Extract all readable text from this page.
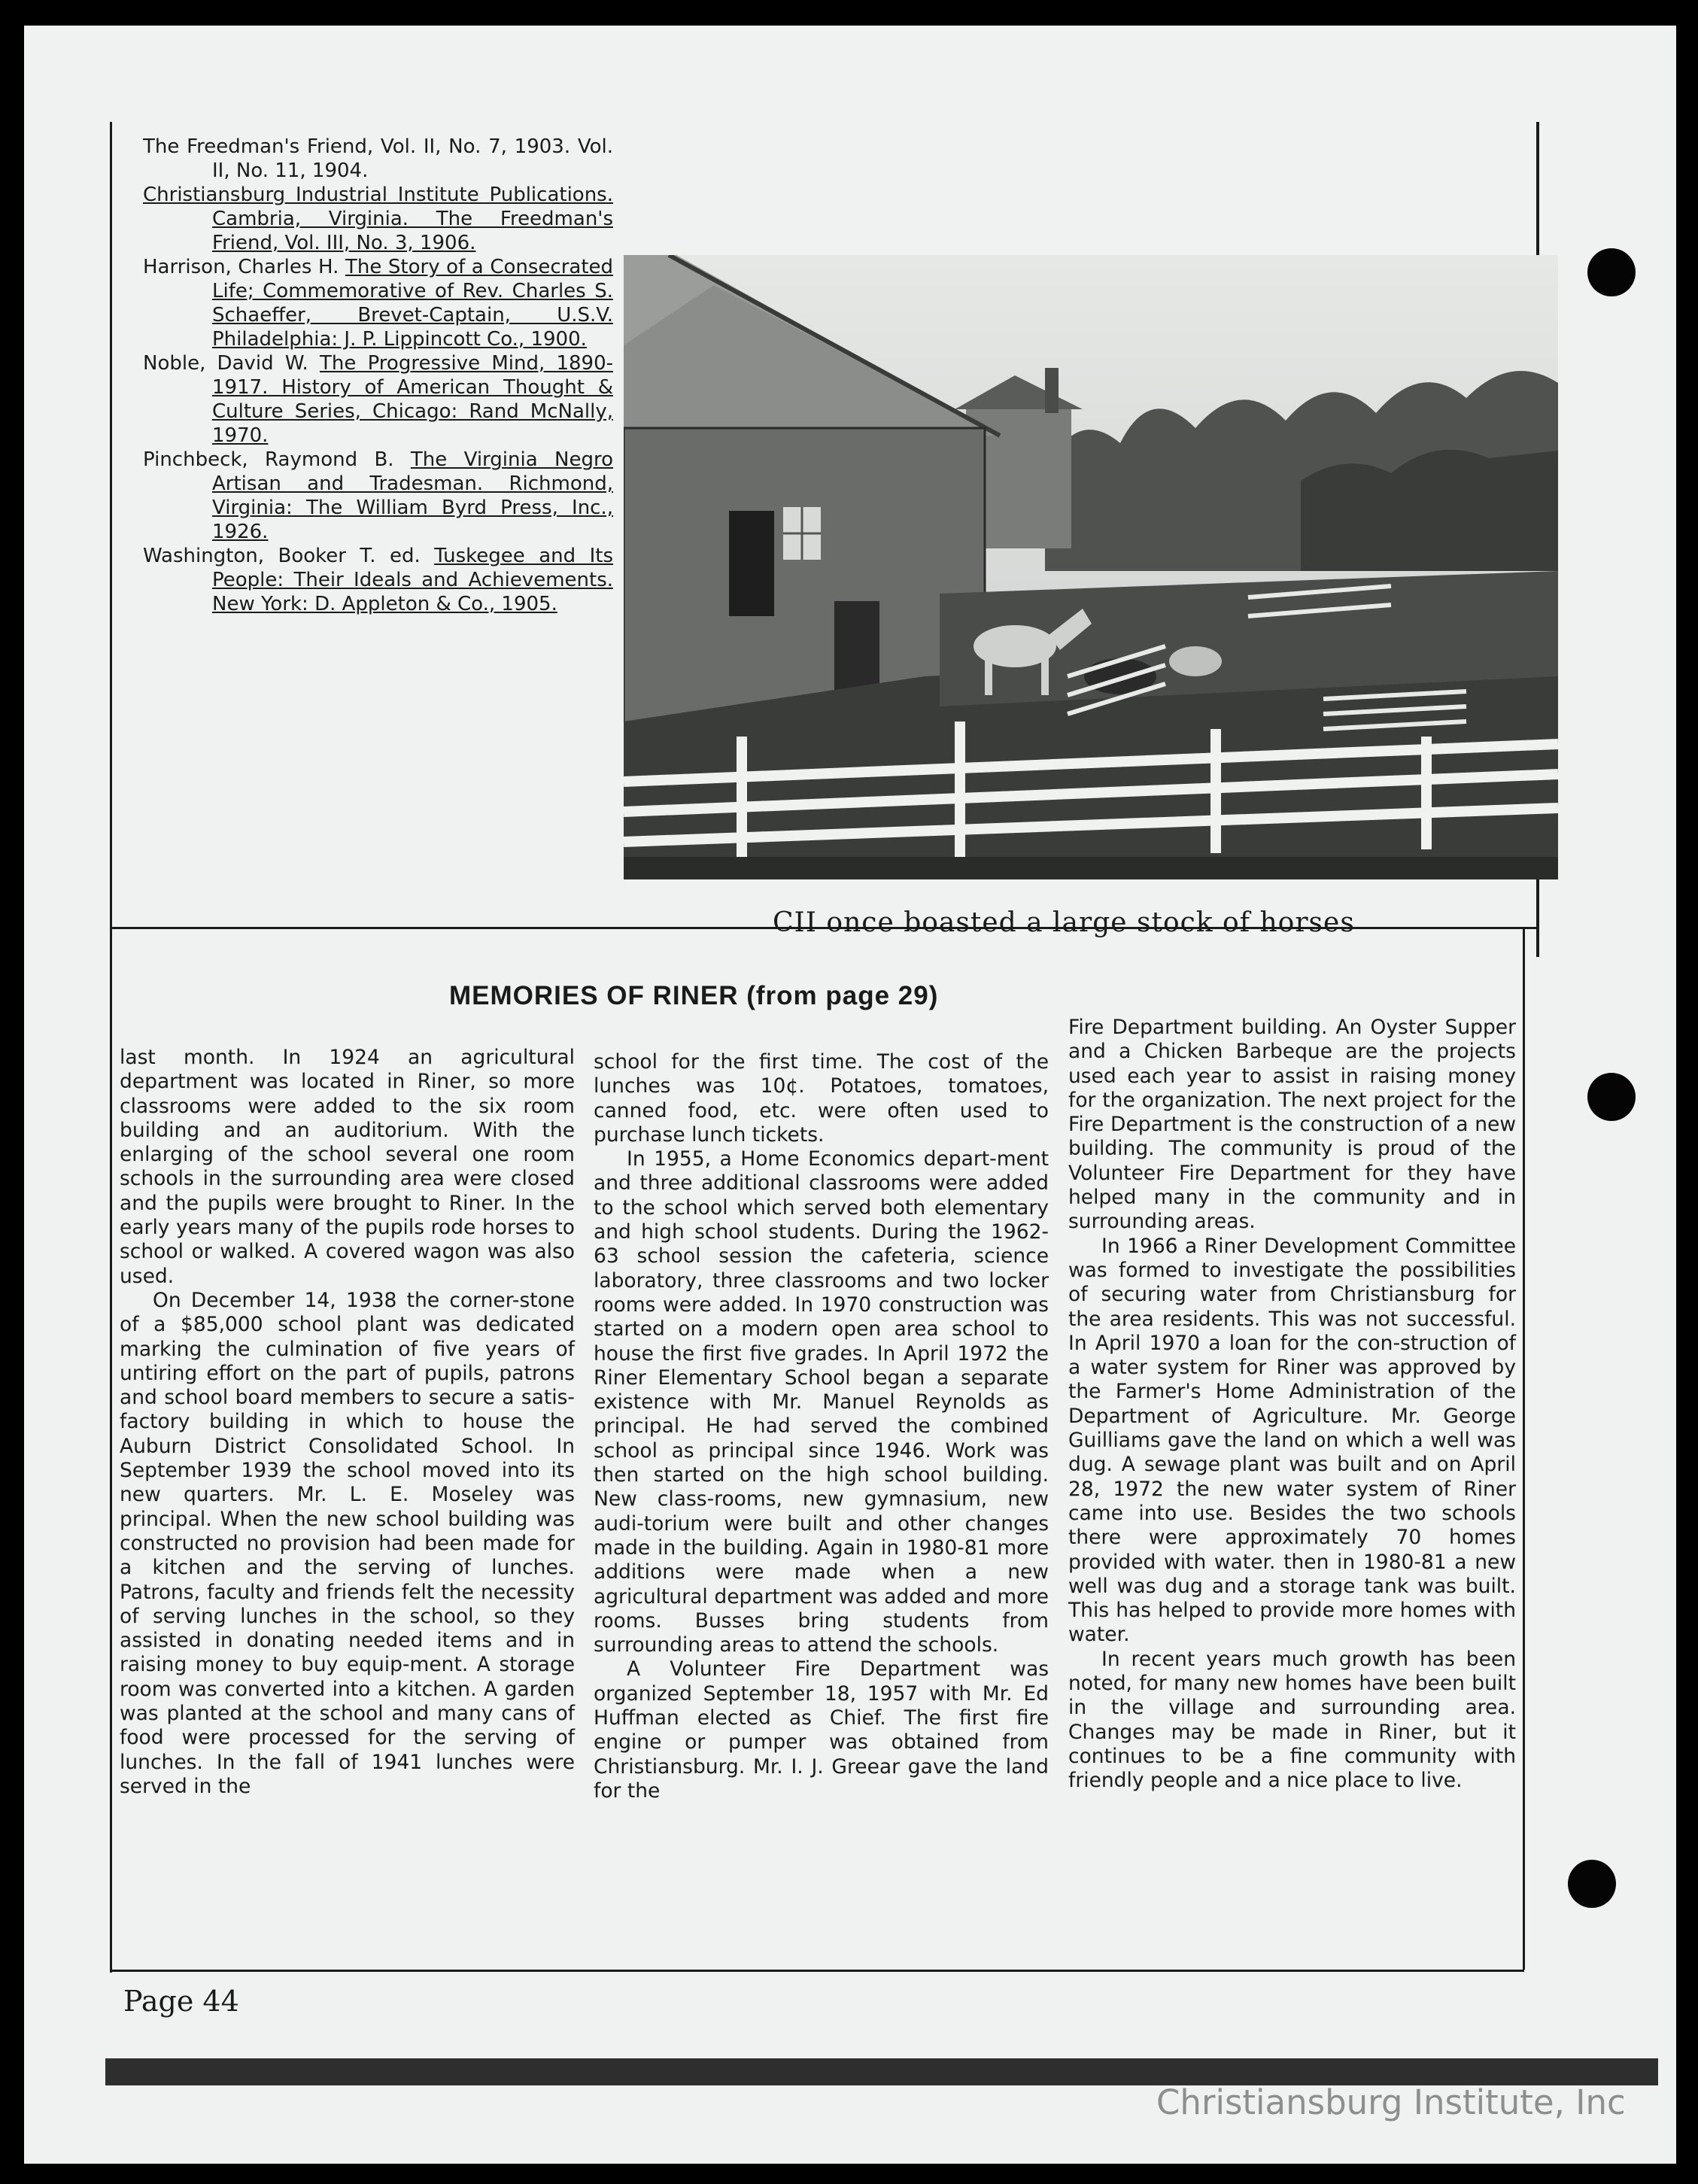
The Freedman's Friend, Vol. II, No. 7, 1903. Vol. II, No. 11, 1904.

Christiansburg Industrial Institute Publications. Cambria, Virginia. The Freedman's Friend, Vol. III, No. 3, 1906.

Harrison, Charles H. The Story of a Consecrated Life; Commemorative of Rev. Charles S. Schaeffer, Brevet-Captain, U.S.V. Philadelphia: J. P. Lippincott Co., 1900.

Noble, David W. The Progressive Mind, 1890-1917. History of American Thought & Culture Series, Chicago: Rand McNally, 1970.

Pinchbeck, Raymond B. The Virginia Negro Artisan and Tradesman. Richmond, Virginia: The William Byrd Press, Inc., 1926.

Washington, Booker T. ed. Tuskegee and Its People: Their Ideals and Achievements. New York: D. Appleton & Co., 1905.

CII once boasted a large stock of horses
MEMORIES OF RINER (from page 29)

last month. In 1924 an agricultural department was located in Riner, so more classrooms were added to the six room building and an auditorium. With the enlarging of the school several one room schools in the surrounding area were closed and the pupils were brought to Riner. In the early years many of the pupils rode horses to school or walked. A covered wagon was also used.

On December 14, 1938 the corner-stone of a $85,000 school plant was dedicated marking the culmination of five years of untiring effort on the part of pupils, patrons and school board members to secure a satis-factory building in which to house the Auburn District Consolidated School. In September 1939 the school moved into its new quarters. Mr. L. E. Moseley was principal. When the new school building was constructed no provision had been made for a kitchen and the serving of lunches. Patrons, faculty and friends felt the necessity of serving lunches in the school, so they assisted in donating needed items and in raising money to buy equip-ment. A storage room was converted into a kitchen. A garden was planted at the school and many cans of food were processed for the serving of lunches. In the fall of 1941 lunches were served in the

school for the first time. The cost of the lunches was 10¢. Potatoes, tomatoes, canned food, etc. were often used to purchase lunch tickets.

In 1955, a Home Economics depart-ment and three additional classrooms were added to the school which served both elementary and high school students. During the 1962-63 school session the cafeteria, science laboratory, three classrooms and two locker rooms were added. In 1970 construction was started on a modern open area school to house the first five grades. In April 1972 the Riner Elementary School began a separate existence with Mr. Manuel Reynolds as principal. He had served the combined school as principal since 1946. Work was then started on the high school building. New class-rooms, new gymnasium, new audi-torium were built and other changes made in the building. Again in 1980-81 more additions were made when a new agricultural department was added and more rooms. Busses bring students from surrounding areas to attend the schools.

A Volunteer Fire Department was organized September 18, 1957 with Mr. Ed Huffman elected as Chief. The first fire engine or pumper was obtained from Christiansburg. Mr. I. J. Greear gave the land for the

Fire Department building. An Oyster Supper and a Chicken Barbeque are the projects used each year to assist in raising money for the organization. The next project for the Fire Department is the construction of a new building. The community is proud of the Volunteer Fire Department for they have helped many in the community and in surrounding areas.

In 1966 a Riner Development Committee was formed to investigate the possibilities of securing water from Christiansburg for the area residents. This was not successful. In April 1970 a loan for the con-struction of a water system for Riner was approved by the Farmer's Home Administration of the Department of Agriculture. Mr. George Guilliams gave the land on which a well was dug. A sewage plant was built and on April 28, 1972 the new water system of Riner came into use. Besides the two schools there were approximately 70 homes provided with water. then in 1980-81 a new well was dug and a storage tank was built. This has helped to provide more homes with water.

In recent years much growth has been noted, for many new homes have been built in the village and surrounding area. Changes may be made in Riner, but it continues to be a fine community with friendly people and a nice place to live.

Page 44
Christiansburg Institute, Inc
